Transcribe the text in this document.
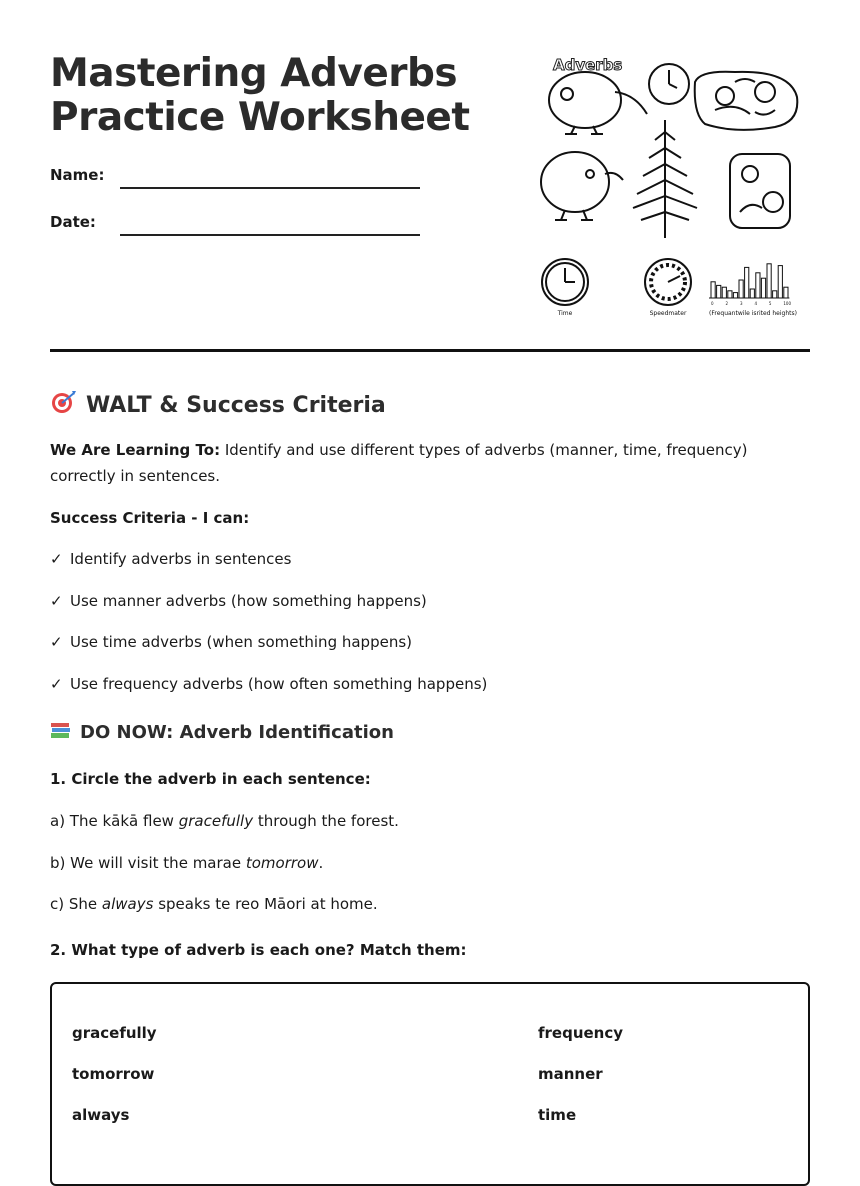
Mastering Adverbs
Practice Worksheet
Name:
Date:
Adverbs
Time	Speedmater
0	2	3	4	5	100
(Frequantwile isrited heights)
WALT & Success Criteria

We Are Learning To: Identify and use different types of adverbs (manner, time, frequency) correctly in sentences.

Success Criteria - I can:

✓ Identify adverbs in sentences

✓ Use manner adverbs (how something happens)

✓ Use time adverbs (when something happens)

✓ Use frequency adverbs (how often something happens)

DO NOW: Adverb Identification

1. Circle the adverb in each sentence:

a) The kākā flew gracefully through the forest.

b) We will visit the marae tomorrow.

c) She always speaks te reo Māori at home.

2. What type of adverb is each one? Match them:

gracefully
tomorrow
always
frequency
manner
time
